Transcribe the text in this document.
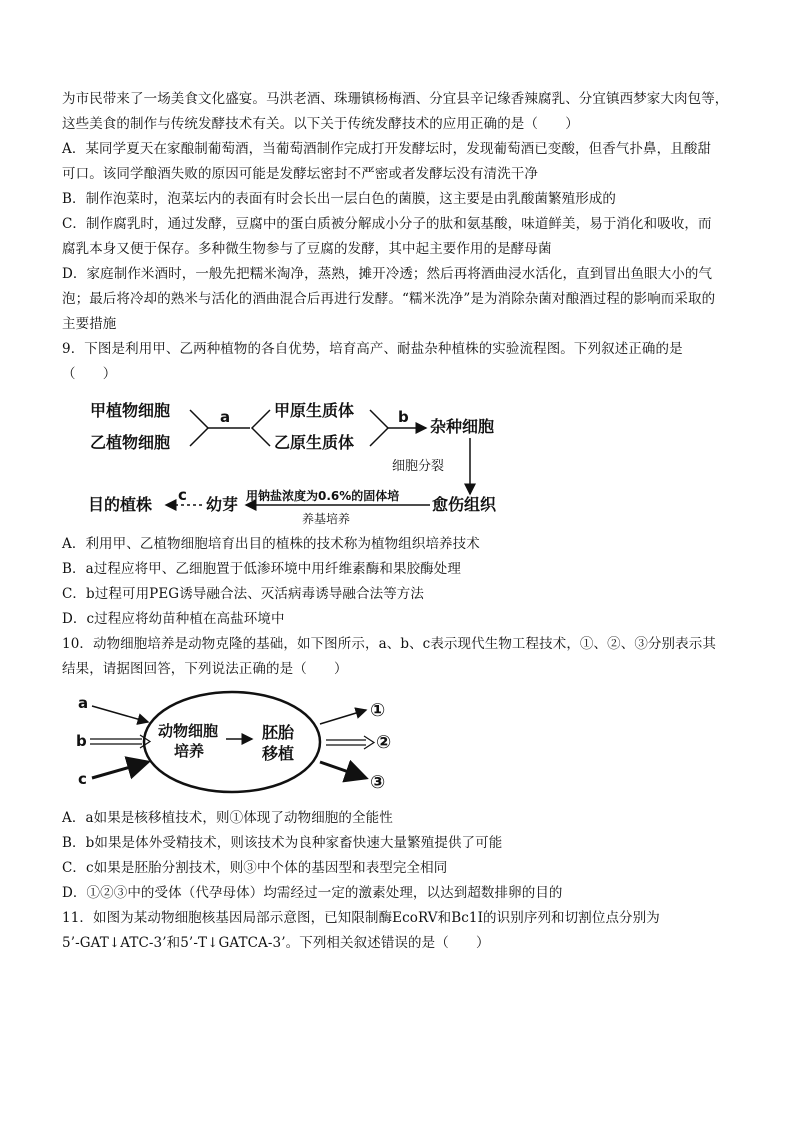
为市民带来了一场美食文化盛宴。马洪老酒、珠珊镇杨梅酒、分宜县辛记缘香辣腐乳、分宜镇西梦家大肉包等，
这些美食的制作与传统发酵技术有关。以下关于传统发酵技术的应用正确的是（　　）
A．某同学夏天在家酿制葡萄酒，当葡萄酒制作完成打开发酵坛时，发现葡萄酒已变酸，但香气扑鼻，且酸甜
可口。该同学酿酒失败的原因可能是发酵坛密封不严密或者发酵坛没有清洗干净
B．制作泡菜时，泡菜坛内的表面有时会长出一层白色的菌膜，这主要是由乳酸菌繁殖形成的
C．制作腐乳时，通过发酵，豆腐中的蛋白质被分解成小分子的肽和氨基酸，味道鲜美，易于消化和吸收，而
腐乳本身又便于保存。多种微生物参与了豆腐的发酵，其中起主要作用的是酵母菌
D．家庭制作米酒时，一般先把糯米淘净，蒸熟，摊开冷透；然后再将酒曲浸水活化，直到冒出鱼眼大小的气
泡；最后将冷却的熟米与活化的酒曲混合后再进行发酵。“糯米洗净”是为消除杂菌对酿酒过程的影响而采取的
主要措施
9．下图是利用甲、乙两种植物的各自优势，培育高产、耐盐杂种植株的实验流程图。下列叙述正确的是
（　　）
甲植物细胞
乙植物细胞
a	甲原生质体
乙原生质体
b 杂种细胞
细胞分裂
愈伤组织
用钠盐浓度为0.6%的固体培
养基培养
幼芽
c
目的植株
A．利用甲、乙植物细胞培育出目的植株的技术称为植物组织培养技术
B．a过程应将甲、乙细胞置于低渗环境中用纤维素酶和果胶酶处理
C．b过程可用PEG诱导融合法、灭活病毒诱导融合法等方法
D．c过程应将幼苗种植在高盐环境中
10．动物细胞培养是动物克隆的基础，如下图所示，a、b、c表示现代生物工程技术，①、②、③分别表示其
结果，请据图回答，下列说法正确的是（　　）
a
b
c
动物细胞
培养
胚胎
移植
①
②
③
A．a如果是核移植技术，则①体现了动物细胞的全能性
B．b如果是体外受精技术，则该技术为良种家畜快速大量繁殖提供了可能
C．c如果是胚胎分割技术，则③中个体的基因型和表型完全相同
D．①②③中的受体（代孕母体）均需经过一定的激素处理，以达到超数排卵的目的
11．如图为某动物细胞核基因局部示意图，已知限制酶EcoRV和Bc1I的识别序列和切割位点分别为
5’-GAT↓ATC-3’和5’-T↓GATCA-3’。下列相关叙述错误的是（　　）
